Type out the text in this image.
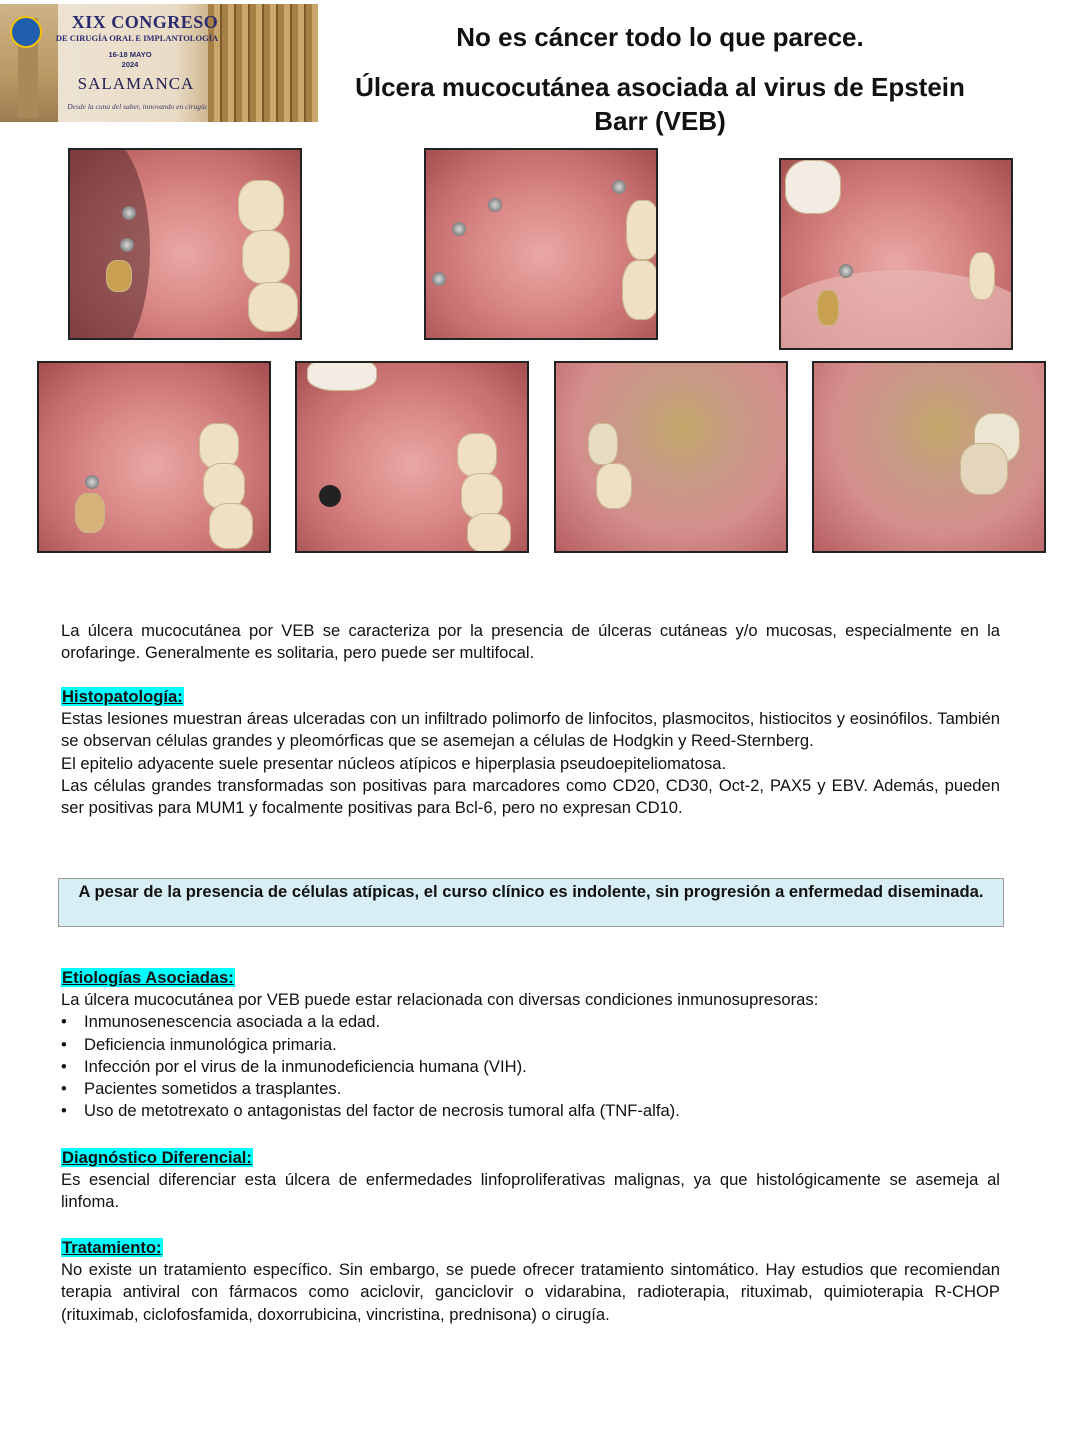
XIX CONGRESO
DE CIRUGÍA ORAL E IMPLANTOLOGÍA
16-18 MAYO
2024
SALAMANCA
Desde la cuna del saber, innovando en cirugía
No es cáncer todo lo que parece.
Úlcera mucocutánea asociada al virus de Epstein Barr (VEB)

La úlcera mucocutánea por VEB se caracteriza por la presencia de úlceras cutáneas y/o mucosas, especialmente en la orofaringe. Generalmente es solitaria, pero puede ser multifocal.

Histopatología:

Estas lesiones muestran áreas ulceradas con un infiltrado polimorfo de linfocitos, plasmocitos, histiocitos y eosinófilos. También se observan células grandes y pleomórficas que se asemejan a células de Hodgkin y Reed-Sternberg.

El epitelio adyacente suele presentar núcleos atípicos e hiperplasia pseudoepiteliomatosa.

Las células grandes transformadas son positivas para marcadores como CD20, CD30, Oct-2, PAX5 y EBV. Además, pueden ser positivas para MUM1 y focalmente positivas para Bcl-6, pero no expresan CD10.

A pesar de la presencia de células atípicas, el curso clínico es indolente, sin progresión a enfermedad diseminada.
Etiologías Asociadas:

La úlcera mucocutánea por VEB puede estar relacionada con diversas condiciones inmunosupresoras:

• Inmunosenescencia asociada a la edad.
• Deficiencia inmunológica primaria.
• Infección por el virus de la inmunodeficiencia humana (VIH).
• Pacientes sometidos a trasplantes.
• Uso de metotrexato o antagonistas del factor de necrosis tumoral alfa (TNF-alfa).
Diagnóstico Diferencial:

Es esencial diferenciar esta úlcera de enfermedades linfoproliferativas malignas, ya que histológicamente se asemeja al linfoma.

Tratamiento:

No existe un tratamiento específico. Sin embargo, se puede ofrecer tratamiento sintomático. Hay estudios que recomiendan terapia antiviral con fármacos como aciclovir, ganciclovir o vidarabina, radioterapia, rituximab, quimioterapia R-CHOP (rituximab, ciclofosfamida, doxorrubicina, vincristina, prednisona) o cirugía.
